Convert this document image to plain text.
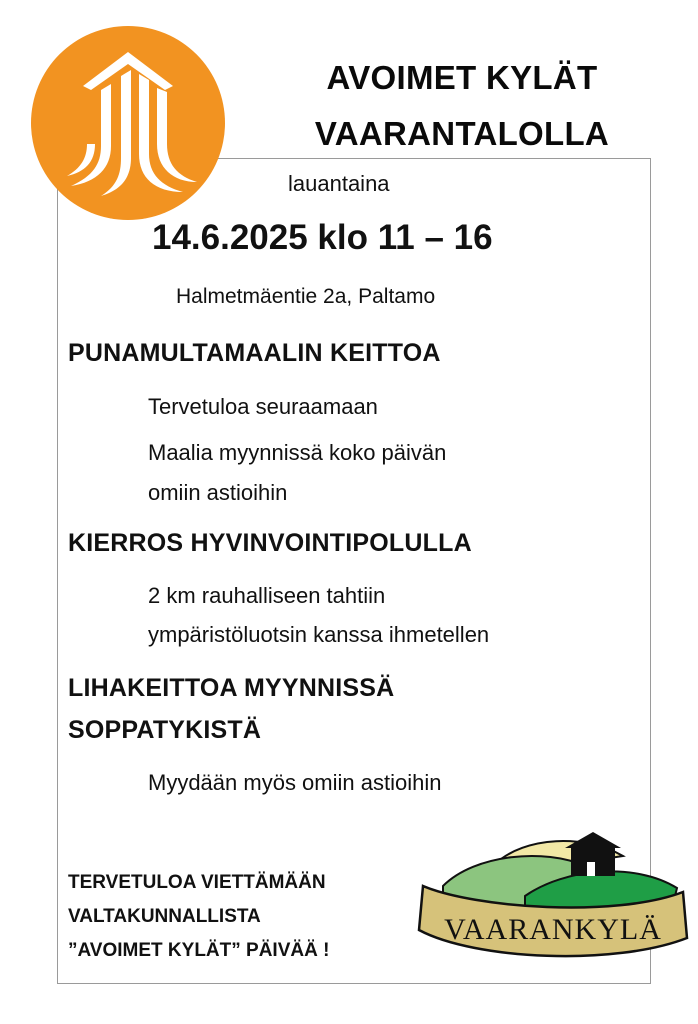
AVOIMET KYLÄT
VAARANTALOLLA
lauantaina
14.6.2025 klo 11 – 16
Halmetmäentie 2a, Paltamo
PUNAMULTAMAALIN KEITTOA
Tervetuloa seuraamaan
Maalia myynnissä koko päivän
omiin astioihin
KIERROS HYVINVOINTIPOLULLA
2 km rauhalliseen tahtiin
ympäristöluotsin kanssa ihmetellen
LIHAKEITTOA MYYNNISSÄ
SOPPATYKISTÄ
Myydään myös omiin astioihin
TERVETULOA VIETTÄMÄÄN
VALTAKUNNALLISTA
”AVOIMET KYLÄT” PÄIVÄÄ !
VAARANKYLÄ
